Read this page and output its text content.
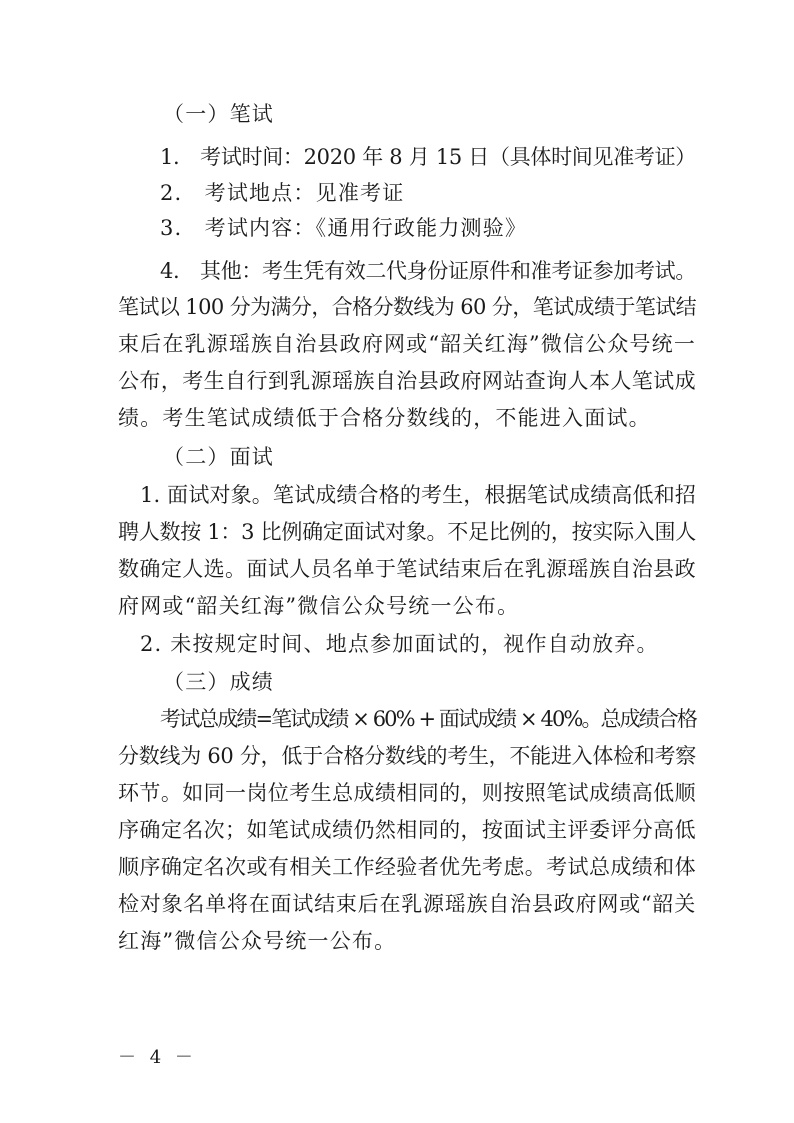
（一）笔试
1.　考试时间：2020 年 8 月 15 日（具体时间见准考证）
2.　考试地点：见准考证
3.　考试内容：《通用行政能力测验》
4.　其他：考生凭有效二代身份证原件和准考证参加考试。
笔试以 100 分为满分，合格分数线为 60 分，笔试成绩于笔试结
束后在乳源瑶族自治县政府网或“韶关红海”微信公众号统一
公布，考生自行到乳源瑶族自治县政府网站查询人本人笔试成
绩。考生笔试成绩低于合格分数线的，不能进入面试。
（二）面试
1. 面试对象。笔试成绩合格的考生，根据笔试成绩高低和招
聘人数按 1：3 比例确定面试对象。不足比例的，按实际入围人
数确定人选。面试人员名单于笔试结束后在乳源瑶族自治县政
府网或“韶关红海”微信公众号统一公布。
2. 未按规定时间、地点参加面试的，视作自动放弃。
（三）成绩
考试总成绩=笔试成绩 × 60% + 面试成绩 × 40%。总成绩合格
分数线为 60 分，低于合格分数线的考生，不能进入体检和考察
环节。如同一岗位考生总成绩相同的，则按照笔试成绩高低顺
序确定名次；如笔试成绩仍然相同的，按面试主评委评分高低
顺序确定名次或有相关工作经验者优先考虑。考试总成绩和体
检对象名单将在面试结束后在乳源瑶族自治县政府网或“韶关
红海”微信公众号统一公布。
－ 4 －
